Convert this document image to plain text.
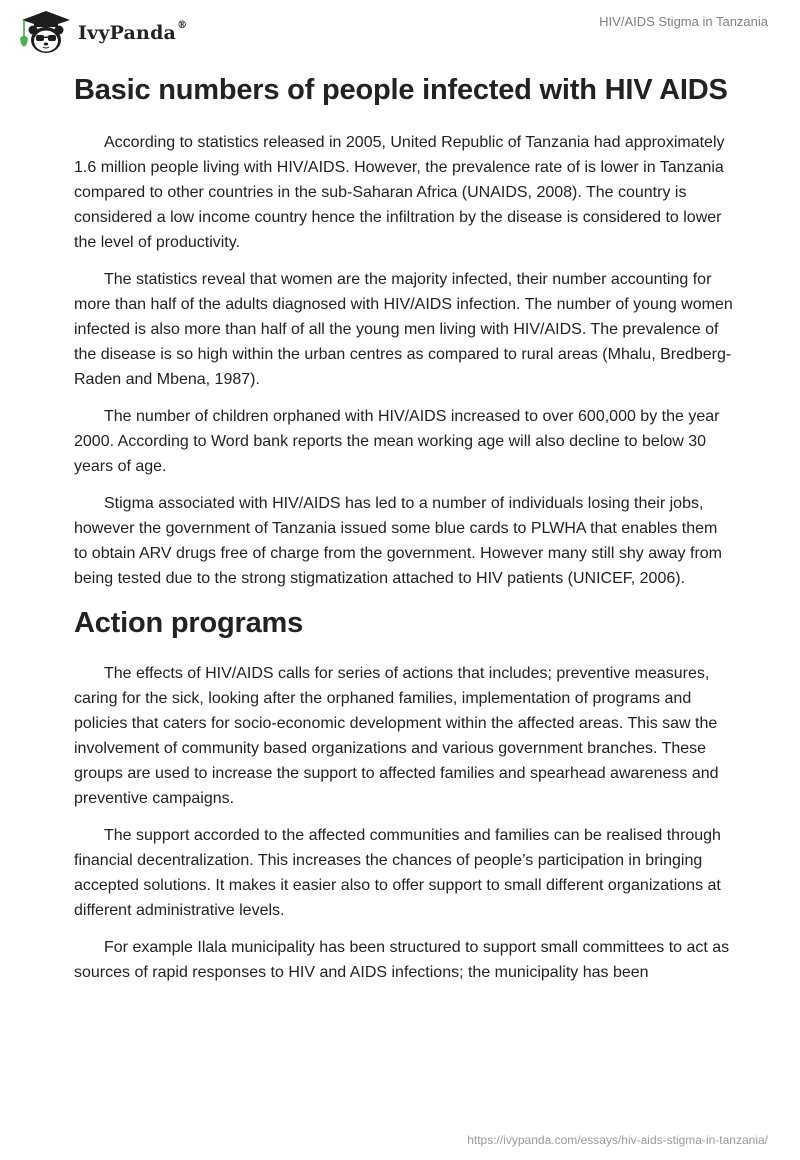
IvyPanda®	HIV/AIDS Stigma in Tanzania
Basic numbers of people infected with HIV AIDS

According to statistics released in 2005, United Republic of Tanzania had approximately 1.6 million people living with HIV/AIDS. However, the prevalence rate of is lower in Tanzania compared to other countries in the sub-Saharan Africa (UNAIDS, 2008). The country is considered a low income country hence the infiltration by the disease is considered to lower the level of productivity.

The statistics reveal that women are the majority infected, their number accounting for more than half of the adults diagnosed with HIV/AIDS infection. The number of young women infected is also more than half of all the young men living with HIV/AIDS. The prevalence of the disease is so high within the urban centres as compared to rural areas (Mhalu, Bredberg-Raden and Mbena, 1987).

The number of children orphaned with HIV/AIDS increased to over 600,000 by the year 2000. According to Word bank reports the mean working age will also decline to below 30 years of age.

Stigma associated with HIV/AIDS has led to a number of individuals losing their jobs, however the government of Tanzania issued some blue cards to PLWHA that enables them to obtain ARV drugs free of charge from the government. However many still shy away from being tested due to the strong stigmatization attached to HIV patients (UNICEF, 2006).

Action programs

The effects of HIV/AIDS calls for series of actions that includes; preventive measures, caring for the sick, looking after the orphaned families, implementation of programs and policies that caters for socio-economic development within the affected areas. This saw the involvement of community based organizations and various government branches. These groups are used to increase the support to affected families and spearhead awareness and preventive campaigns.

The support accorded to the affected communities and families can be realised through financial decentralization. This increases the chances of people’s participation in bringing accepted solutions. It makes it easier also to offer support to small different organizations at different administrative levels.

For example Ilala municipality has been structured to support small committees to act as sources of rapid responses to HIV and AIDS infections; the municipality has been

https://ivypanda.com/essays/hiv-aids-stigma-in-tanzania/
